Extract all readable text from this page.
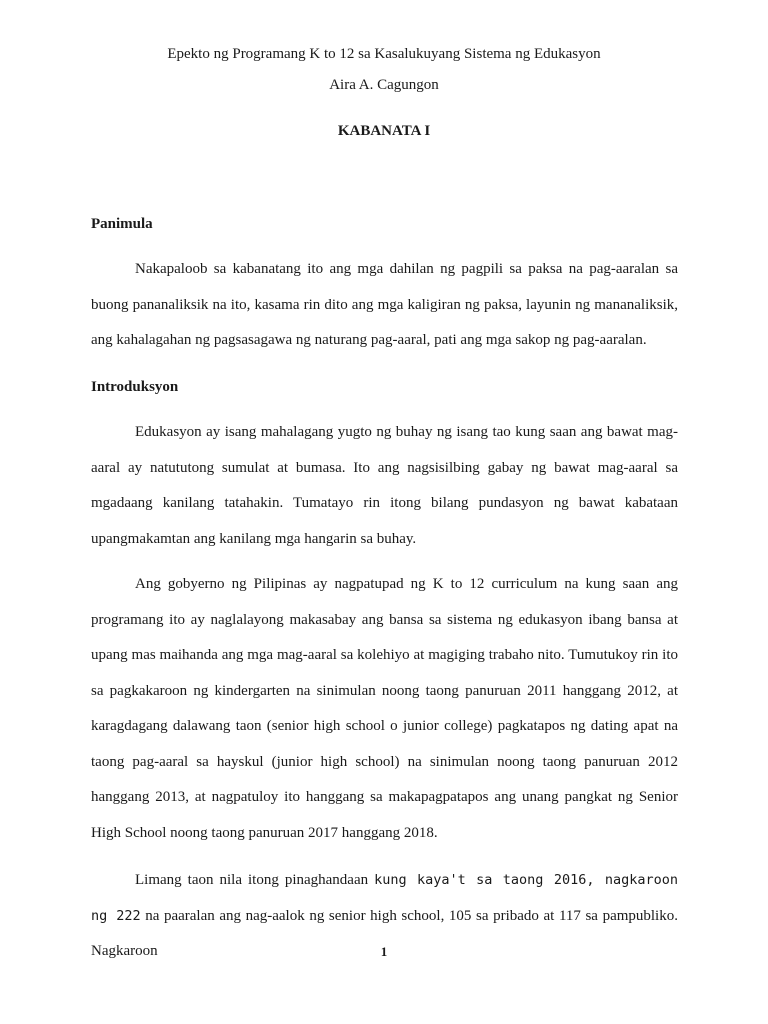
Epekto ng Programang K to 12 sa Kasalukuyang Sistema ng Edukasyon
Aira A. Cagungon
KABANATA I
Panimula

Nakapaloob sa kabanatang ito ang mga dahilan ng pagpili sa paksa na pag-aaralan sa buong pananaliksik na ito, kasama rin dito ang mga kaligiran ng paksa, layunin ng mananaliksik, ang kahalagahan ng pagsasagawa ng naturang pag-aaral, pati ang mga sakop ng pag-aaralan.

Introduksyon

Edukasyon ay isang mahalagang yugto ng buhay ng isang tao kung saan ang bawat mag-aaral ay natututong sumulat at bumasa. Ito ang nagsisilbing gabay ng bawat mag-aaral sa mgadaang kanilang tatahakin. Tumatayo rin itong bilang pundasyon ng bawat kabataan upangmakamtan ang kanilang mga hangarin sa buhay.

Ang gobyerno ng Pilipinas ay nagpatupad ng K to 12 curriculum na kung saan ang programang ito ay naglalayong makasabay ang bansa sa sistema ng edukasyon ibang bansa at upang mas maihanda ang mga mag-aaral sa kolehiyo at magiging trabaho nito. Tumutukoy rin ito sa pagkakaroon ng kindergarten na sinimulan noong taong panuruan 2011 hanggang 2012, at karagdagang dalawang taon (senior high school o junior college) pagkatapos ng dating apat na taong pag-aaral sa hayskul (junior high school) na sinimulan noong taong panuruan 2012 hanggang 2013, at nagpatuloy ito hanggang sa makapagpatapos ang unang pangkat ng Senior High School noong taong panuruan 2017 hanggang 2018.

Limang taon nila itong pinaghandaan kung kaya't sa taong 2016, nagkaroon ng 222 na paaralan ang nag-aalok ng senior high school, 105 sa pribado at 117 sa pampubliko. Nagkaroon	1
